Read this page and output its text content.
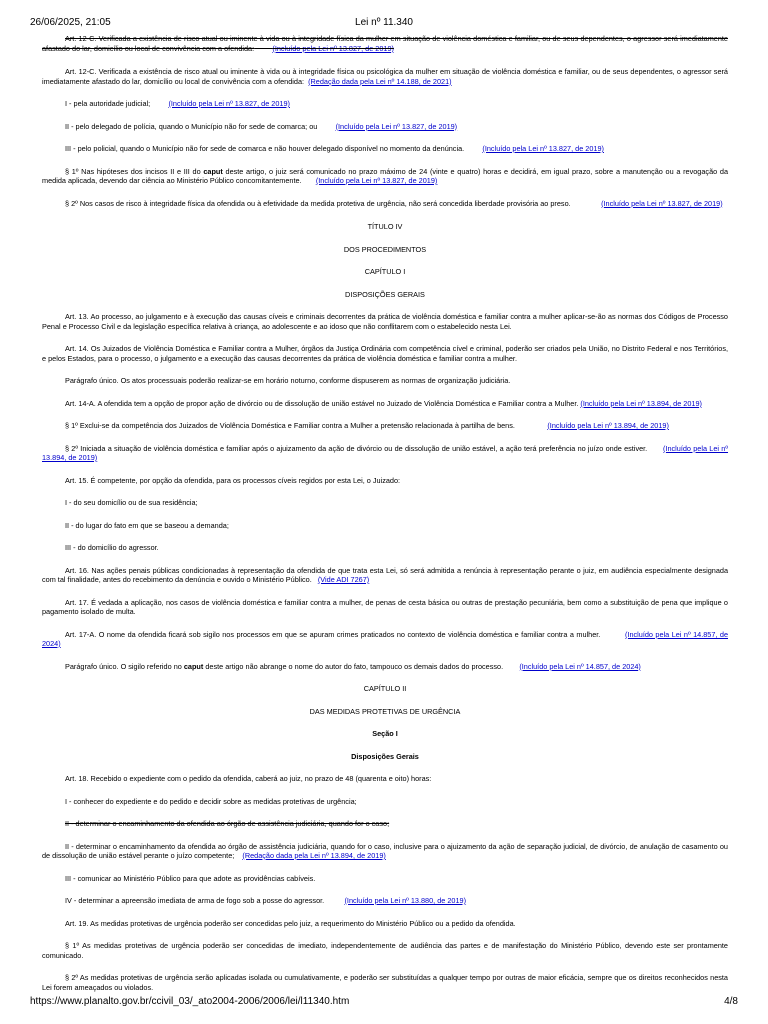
26/06/2025, 21:05	Lei nº 11.340

Art. 12-C. Verificada a existência de risco atual ou iminente à vida ou à integridade física da mulher em situação de violência doméstica e familiar, ou de seus dependentes, o agressor será imediatamente afastado do lar, domicílio ou local de convivência com a ofendida:	(Incluído pela Lei nº 13.827, de 2019)

Art. 12-C. Verificada a existência de risco atual ou iminente à vida ou à integridade física ou psicológica da mulher em situação de violência doméstica e familiar, ou de seus dependentes, o agressor será imediatamente afastado do lar, domicílio ou local de convivência com a ofendida: (Redação dada pela Lei nº 14.188, de 2021)

I - pela autoridade judicial;	(Incluído pela Lei nº 13.827, de 2019)

II - pelo delegado de polícia, quando o Município não for sede de comarca; ou	(Incluído pela Lei nº 13.827, de 2019)

III - pelo policial, quando o Município não for sede de comarca e não houver delegado disponível no momento da denúncia.	(Incluído pela Lei nº 13.827, de 2019)

§ 1º Nas hipóteses dos incisos II e III do caput deste artigo, o juiz será comunicado no prazo máximo de 24 (vinte e quatro) horas e decidirá, em igual prazo, sobre a manutenção ou a revogação da medida aplicada, devendo dar ciência ao Ministério Público concomitantemente. (Incluído pela Lei nº 13.827, de 2019)

§ 2º Nos casos de risco à integridade física da ofendida ou à efetividade da medida protetiva de urgência, não será concedida liberdade provisória ao preso.	(Incluído pela Lei nº 13.827, de 2019)

TÍTULO IV

DOS PROCEDIMENTOS

CAPÍTULO I

DISPOSIÇÕES GERAIS

Art. 13. Ao processo, ao julgamento e à execução das causas cíveis e criminais decorrentes da prática de violência doméstica e familiar contra a mulher aplicar-se-ão as normas dos Códigos de Processo Penal e Processo Civil e da legislação específica relativa à criança, ao adolescente e ao idoso que não conflitarem com o estabelecido nesta Lei.

Art. 14. Os Juizados de Violência Doméstica e Familiar contra a Mulher, órgãos da Justiça Ordinária com competência cível e criminal, poderão ser criados pela União, no Distrito Federal e nos Territórios, e pelos Estados, para o processo, o julgamento e a execução das causas decorrentes da prática de violência doméstica e familiar contra a mulher.

Parágrafo único. Os atos processuais poderão realizar-se em horário noturno, conforme dispuserem as normas de organização judiciária.

Art. 14-A. A ofendida tem a opção de propor ação de divórcio ou de dissolução de união estável no Juizado de Violência Doméstica e Familiar contra a Mulher. (Incluído pela Lei nº 13.894, de 2019)

§ 1º Exclui-se da competência dos Juizados de Violência Doméstica e Familiar contra a Mulher a pretensão relacionada à partilha de bens.	(Incluído pela Lei nº 13.894, de 2019)

§ 2º Iniciada a situação de violência doméstica e familiar após o ajuizamento da ação de divórcio ou de dissolução de união estável, a ação terá preferência no juízo onde estiver. (Incluído pela Lei nº 13.894, de 2019)

Art. 15. É competente, por opção da ofendida, para os processos cíveis regidos por esta Lei, o Juizado:

I - do seu domicílio ou de sua residência;

II - do lugar do fato em que se baseou a demanda;

III - do domicílio do agressor.

Art. 16. Nas ações penais públicas condicionadas à representação da ofendida de que trata esta Lei, só será admitida a renúncia à representação perante o juiz, em audiência especialmente designada com tal finalidade, antes do recebimento da denúncia e ouvido o Ministério Público. (Vide ADI 7267)

Art. 17. É vedada a aplicação, nos casos de violência doméstica e familiar contra a mulher, de penas de cesta básica ou outras de prestação pecuniária, bem como a substituição de pena que implique o pagamento isolado de multa.

Art. 17-A. O nome da ofendida ficará sob sigilo nos processos em que se apuram crimes praticados no contexto de violência doméstica e familiar contra a mulher.	(Incluído pela Lei nº 14.857, de 2024)

Parágrafo único. O sigilo referido no caput deste artigo não abrange o nome do autor do fato, tampouco os demais dados do processo. (Incluído pela Lei nº 14.857, de 2024)

CAPÍTULO II

DAS MEDIDAS PROTETIVAS DE URGÊNCIA

Seção I

Disposições Gerais

Art. 18. Recebido o expediente com o pedido da ofendida, caberá ao juiz, no prazo de 48 (quarenta e oito) horas:

I - conhecer do expediente e do pedido e decidir sobre as medidas protetivas de urgência;

II - determinar o encaminhamento da ofendida ao órgão de assistência judiciária, quando for o caso;

II - determinar o encaminhamento da ofendida ao órgão de assistência judiciária, quando for o caso, inclusive para o ajuizamento da ação de separação judicial, de divórcio, de anulação de casamento ou de dissolução de união estável perante o juízo competente; (Redação dada pela Lei nº 13.894, de 2019)

III - comunicar ao Ministério Público para que adote as providências cabíveis.

IV - determinar a apreensão imediata de arma de fogo sob a posse do agressor.	(Incluído pela Lei nº 13.880, de 2019)

Art. 19. As medidas protetivas de urgência poderão ser concedidas pelo juiz, a requerimento do Ministério Público ou a pedido da ofendida.

§ 1º As medidas protetivas de urgência poderão ser concedidas de imediato, independentemente de audiência das partes e de manifestação do Ministério Público, devendo este ser prontamente comunicado.

§ 2º As medidas protetivas de urgência serão aplicadas isolada ou cumulativamente, e poderão ser substituídas a qualquer tempo por outras de maior eficácia, sempre que os direitos reconhecidos nesta Lei forem ameaçados ou violados.

https://www.planalto.gov.br/ccivil_03/_ato2004-2006/2006/lei/l11340.htm	4/8
